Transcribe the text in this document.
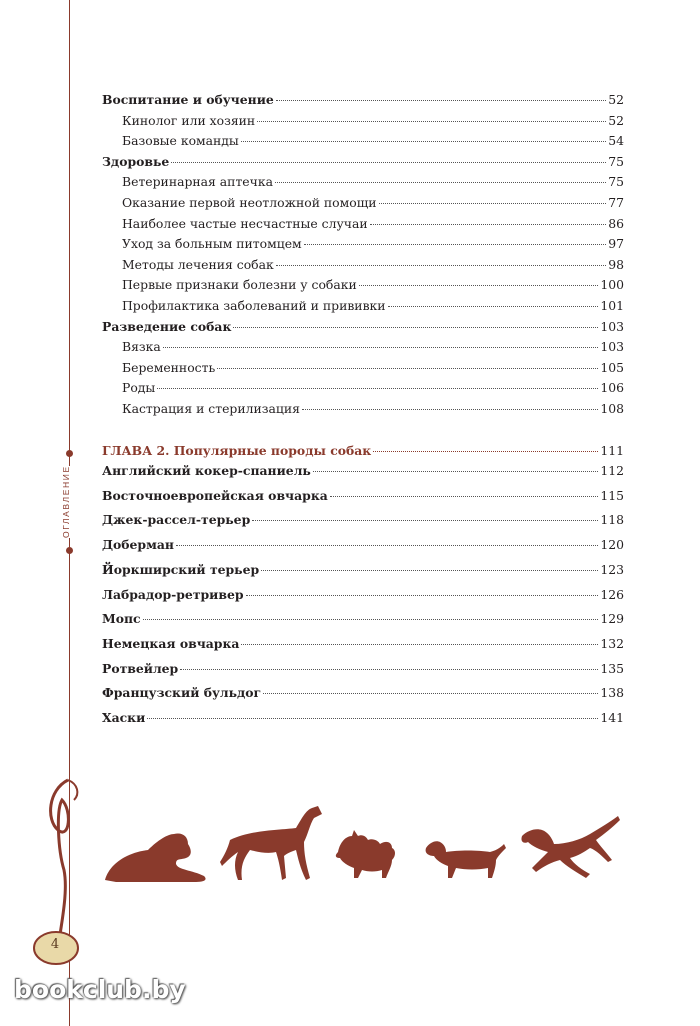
ОГЛАВЛЕНИЕ
Воспитание и обучение	52
Кинолог или хозяин	52
Базовые команды	54
Здоровье	75
Ветеринарная аптечка	75
Оказание первой неотложной помощи	77
Наиболее частые несчастные случаи	86
Уход за больным питомцем	97
Методы лечения собак	98
Первые признаки болезни у собаки	100
Профилактика заболеваний и прививки	101
Разведение собак	103
Вязка	103
Беременность	105
Роды	106
Кастрация и стерилизация	108
ГЛАВА 2. Популярные породы собак	111
Английский кокер-спаниель	112
Восточноевропейская овчарка	115
Джек-рассел-терьер	118
Доберман	120
Йоркширский терьер	123
Лабрадор-ретривер	126
Мопс	129
Немецкая овчарка	132
Ротвейлер	135
Французский бульдог	138
Хаски	141
4
bookclub.by
